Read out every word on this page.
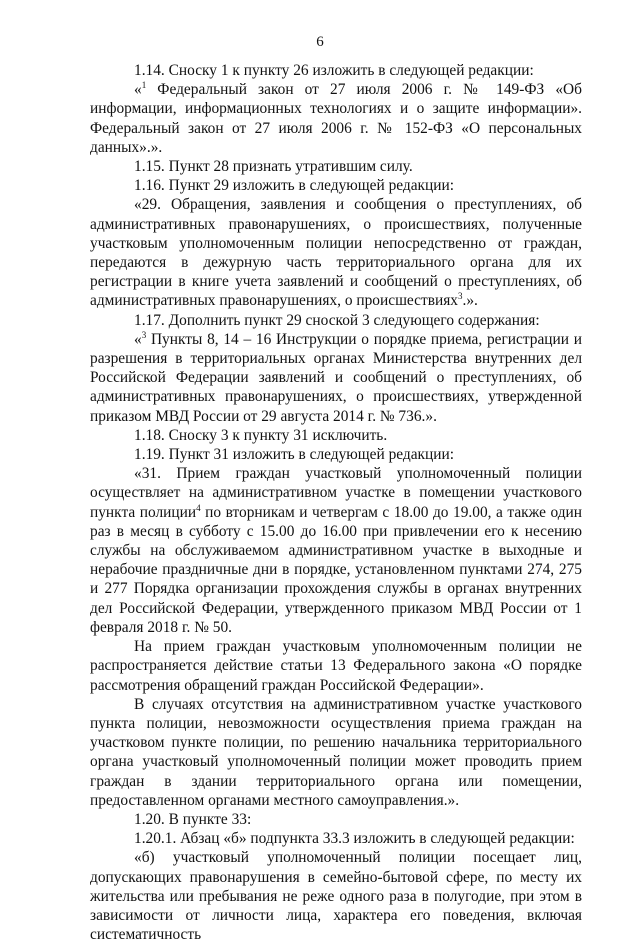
6

1.14. Сноску 1 к пункту 26 изложить в следующей редакции:

«$^1$ Федеральный закон от 27 июля 2006 г. № 149-ФЗ «Об информации, информационных технологиях и о защите информации». Федеральный закон от 27 июля 2006 г. № 152-ФЗ «О персональных данных».».

1.15. Пункт 28 признать утратившим силу.

1.16. Пункт 29 изложить в следующей редакции:

«29. Обращения, заявления и сообщения о преступлениях, об административных правонарушениях, о происшествиях, полученные участковым уполномоченным полиции непосредственно от граждан, передаются в дежурную часть территориального органа для их регистрации в книге учета заявлений и сообщений о преступлениях, об административных правонарушениях, о происшествиях$^3$.».

1.17. Дополнить пункт 29 сноской 3 следующего содержания:

«$^3$ Пункты 8, 14 – 16 Инструкции о порядке приема, регистрации и разрешения в территориальных органах Министерства внутренних дел Российской Федерации заявлений и сообщений о преступлениях, об административных правонарушениях, о происшествиях, утвержденной приказом МВД России от 29 августа 2014 г. № 736.».

1.18. Сноску 3 к пункту 31 исключить.

1.19. Пункт 31 изложить в следующей редакции:

«31. Прием граждан участковый уполномоченный полиции осуществляет на административном участке в помещении участкового пункта полиции$^4$ по вторникам и четвергам с 18.00 до 19.00, а также один раз в месяц в субботу с 15.00 до 16.00 при привлечении его к несению службы на обслуживаемом административном участке в выходные и нерабочие праздничные дни в порядке, установленном пунктами 274, 275 и 277 Порядка организации прохождения службы в органах внутренних дел Российской Федерации, утвержденного приказом МВД России от 1 февраля 2018 г. № 50.

На прием граждан участковым уполномоченным полиции не распространяется действие статьи 13 Федерального закона «О порядке рассмотрения обращений граждан Российской Федерации».

В случаях отсутствия на административном участке участкового пункта полиции, невозможности осуществления приема граждан на участковом пункте полиции, по решению начальника территориального органа участковый уполномоченный полиции может проводить прием граждан в здании территориального органа или помещении, предоставленном органами местного самоуправления.».

1.20. В пункте 33:

1.20.1. Абзац «б» подпункта 33.3 изложить в следующей редакции:

«б) участковый уполномоченный полиции посещает лиц, допускающих правонарушения в семейно-бытовой сфере, по месту их жительства или пребывания не реже одного раза в полугодие, при этом в зависимости от личности лица, характера его поведения, включая систематичность
